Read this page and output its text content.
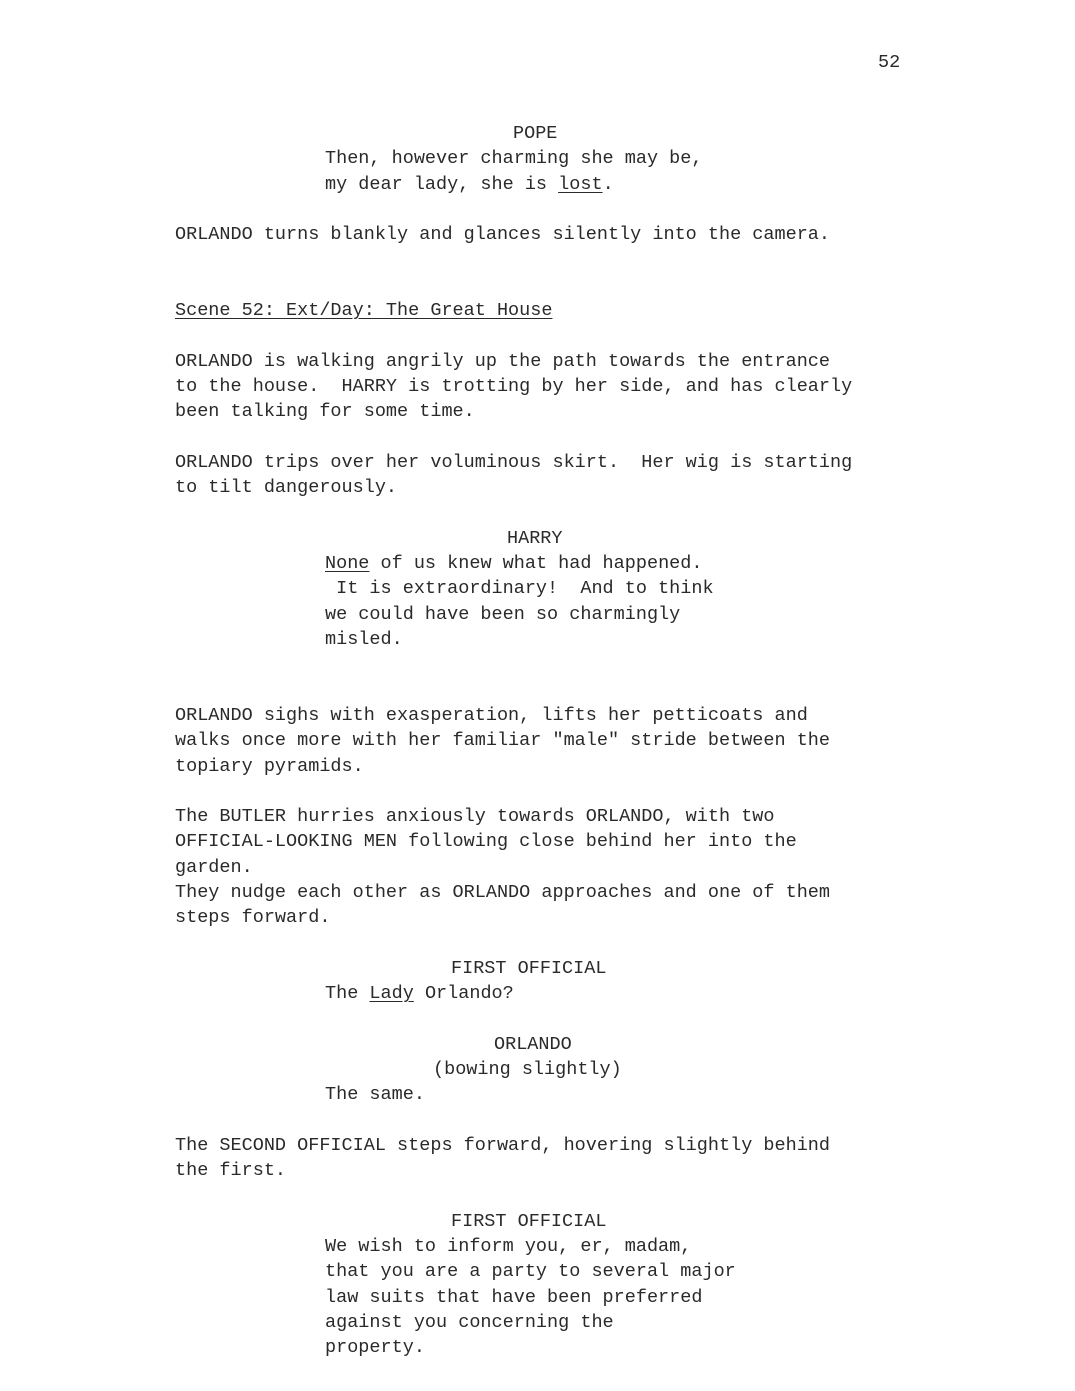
52
POPE
Then, however charming she may be,
my dear lady, she is lost.
ORLANDO turns blankly and glances silently into the camera.
Scene 52: Ext/Day: The Great House
ORLANDO is walking angrily up the path towards the entrance
to the house.  HARRY is trotting by her side, and has clearly
been talking for some time.
ORLANDO trips over her voluminous skirt.  Her wig is starting
to tilt dangerously.
HARRY
None of us knew what had happened.
It is extraordinary!  And to think
we could have been so charmingly
misled.
ORLANDO sighs with exasperation, lifts her petticoats and
walks once more with her familiar "male" stride between the
topiary pyramids.
The BUTLER hurries anxiously towards ORLANDO, with two
OFFICIAL-LOOKING MEN following close behind her into the
garden.
They nudge each other as ORLANDO approaches and one of them
steps forward.
FIRST OFFICIAL
The Lady Orlando?
ORLANDO
(bowing slightly)
The same.
The SECOND OFFICIAL steps forward, hovering slightly behind
the first.
FIRST OFFICIAL
We wish to inform you, er, madam,
that you are a party to several major
law suits that have been preferred
against you concerning the
property.
